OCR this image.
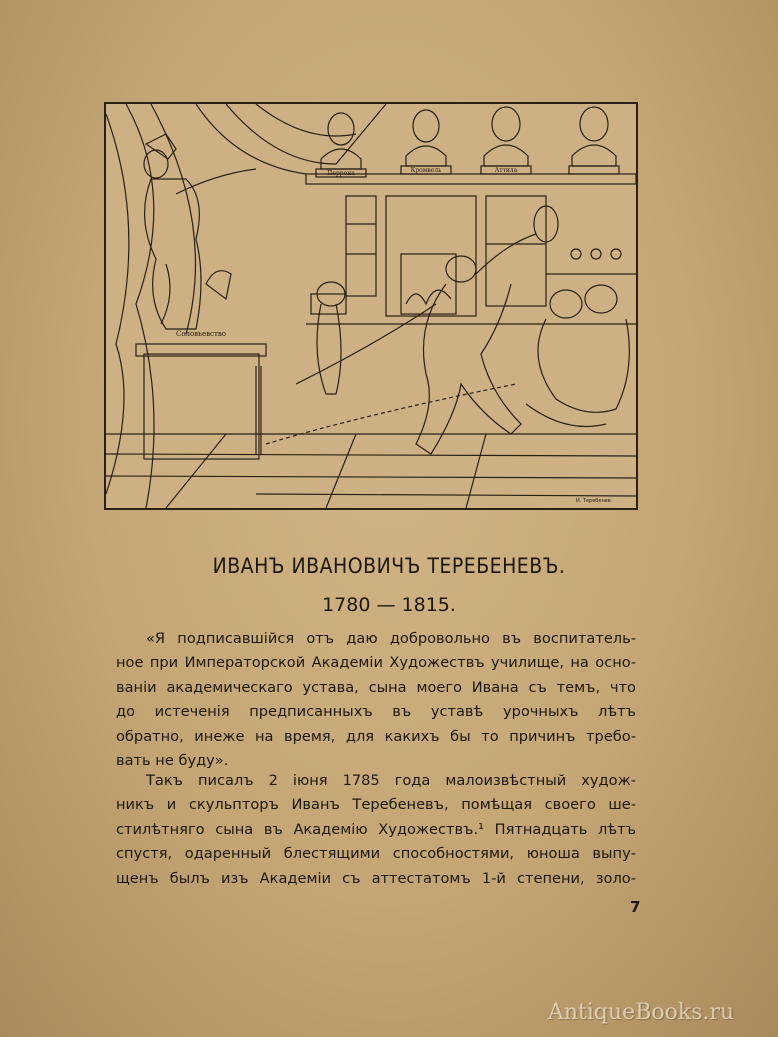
Перрона	Кромвель	Аттила
Соловьевство
И. Теребенев.
ИВАНЪ ИВАНОВИЧЪ ТЕРЕБЕНЕВЪ.
1780 — 1815.
«Я подписавшiйся отъ даю добровольно въ воспитатель-
ное при Императорской Академiи Художествъ училище, на осно-
ванiи академическаго устава, сына моего Ивана съ темъ, что
до истеченiя предписанныхъ въ уставѣ урочныхъ лѣтъ
обратно, инеже на время, для какихъ бы то причинъ требо-
вать не буду».
Такъ писалъ 2 iюня 1785 года малоизвѣстный худож-
никъ и скульпторъ Иванъ Теребеневъ, помѣщая своего ше-
стилѣтняго сына въ Академiю Художествъ.¹ Пятнадцать лѣтъ
спустя, одаренный блестящими способностями, юноша выпу-
щенъ былъ изъ Академiи съ аттестатомъ 1-й степени, золо-
7
AntiqueBooks.ru
